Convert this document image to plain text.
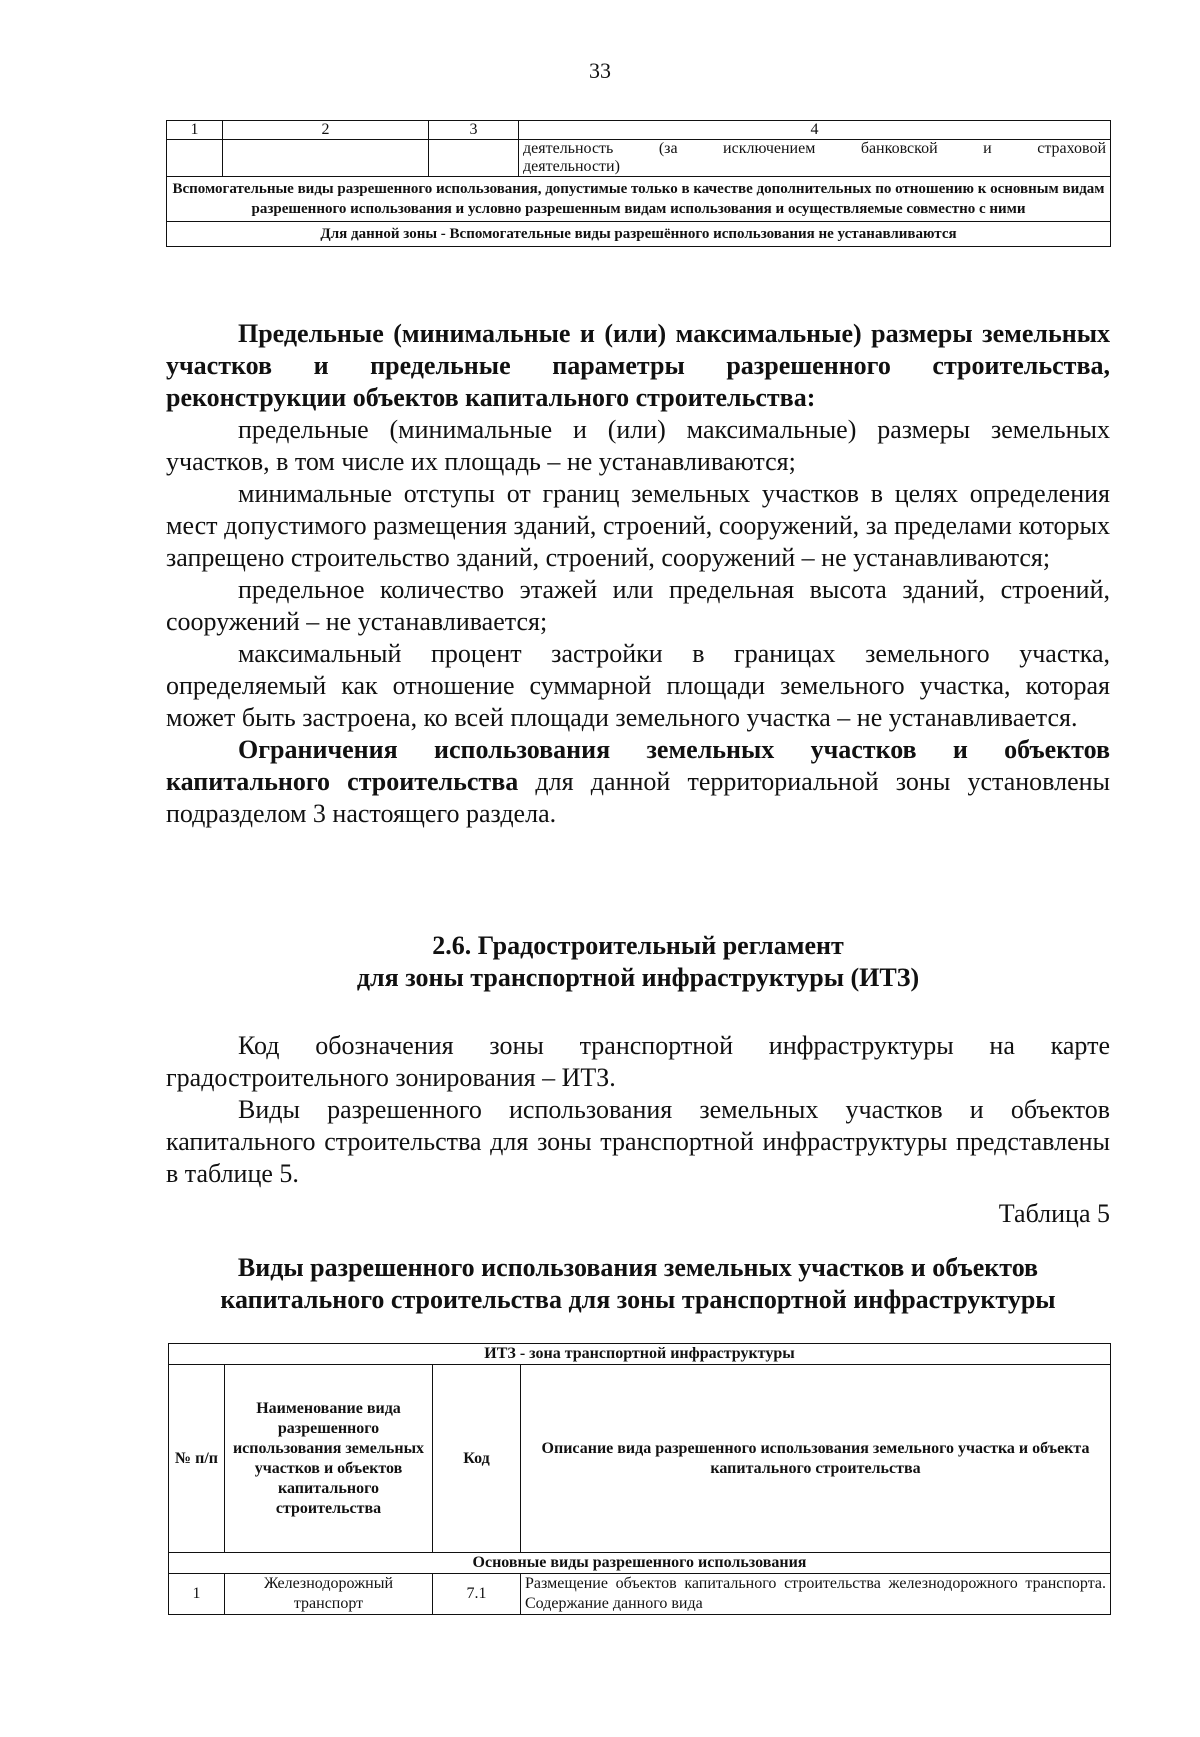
33
1	2	3	4

			деятельность (за исключением банковской и страховой
деятельности)

Вспомогательные виды разрешенного использования, допустимые только в качестве дополнительных по отношению к основным видам разрешенного использования и условно разрешенным видам использования и осуществляемые совместно с ними			
Для данной зоны - Вспомогательные виды разрешённого использования не устанавливаются			

Предельные (минимальные и (или) максимальные) размеры земельных участков и предельные параметры разрешенного строительства, реконструкции объектов капитального строительства:

предельные (минимальные и (или) максимальные) размеры земельных участков, в том числе их площадь – не устанавливаются;

минимальные отступы от границ земельных участков в целях определения мест допустимого размещения зданий, строений, сооружений, за пределами которых запрещено строительство зданий, строений, сооружений – не устанавливаются;

предельное количество этажей или предельная высота зданий, строений, сооружений – не устанавливается;

максимальный процент застройки в границах земельного участка, определяемый как отношение суммарной площади земельного участка, которая может быть застроена, ко всей площади земельного участка – не устанавливается.

Ограничения использования земельных участков и объектов капитального строительства для данной территориальной зоны установлены подразделом 3 настоящего раздела.

2.6. Градостроительный регламент
для зоны транспортной инфраструктуры (ИТЗ)

Код обозначения зоны транспортной инфраструктуры на карте градостроительного зонирования – ИТЗ.

Виды разрешенного использования земельных участков и объектов капитального строительства для зоны транспортной инфраструктуры представлены в таблице 5.

Таблица 5
Виды разрешенного использования земельных участков и объектов
капитального строительства для зоны транспортной инфраструктуры
ИТЗ - зона транспортной инфраструктуры			
№ п/п	Наименование вида разрешенного использования земельных участков и объектов капитального строительства	Код	Описание вида разрешенного использования земельного участка и объекта капитального строительства
Основные виды разрешенного использования			
1	Железнодорожный транспорт	7.1	Размещение объектов капитального строительства железнодорожного транспорта. Содержание данного вида
